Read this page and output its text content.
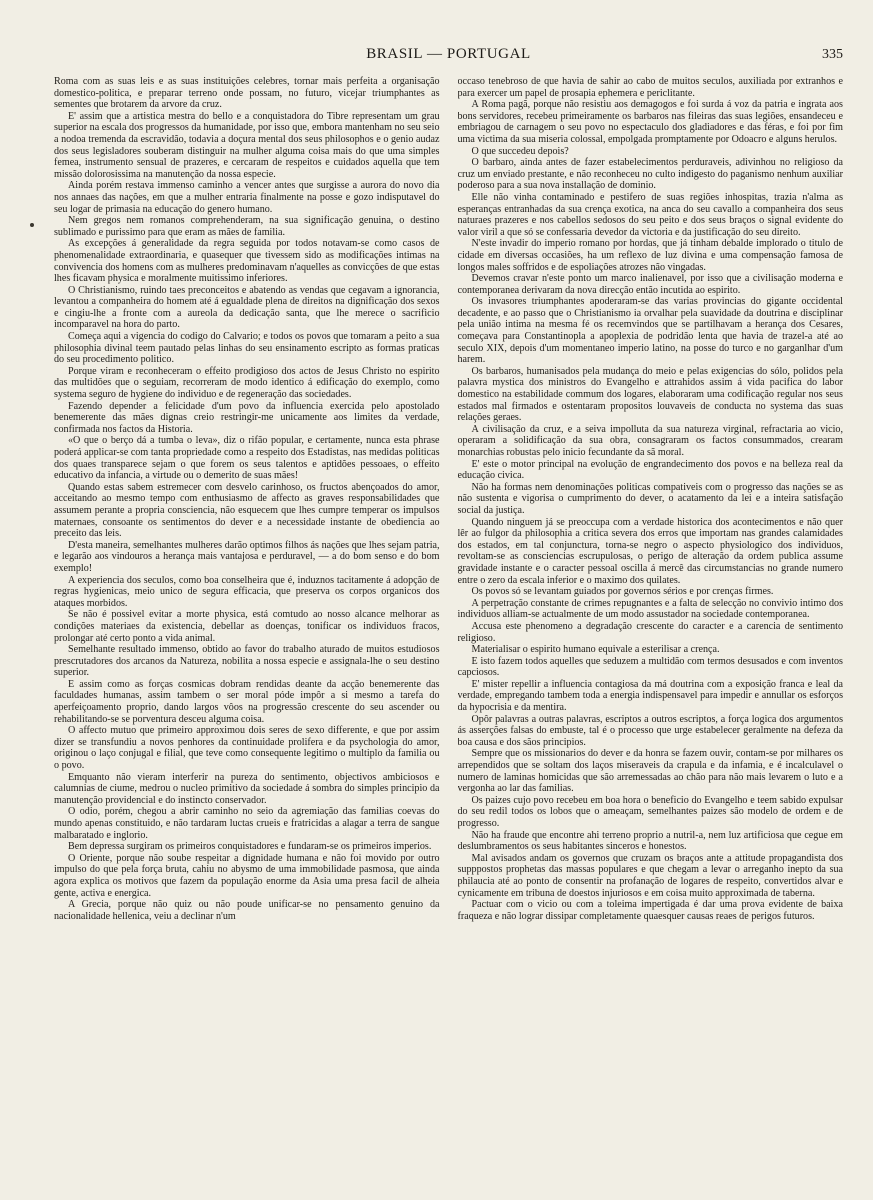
BRASIL — PORTUGAL	335

Roma com as suas leis e as suas instituições celebres, tornar mais perfeita a organisação domestico-politica, e preparar terreno onde possam, no futuro, vicejar triumphantes as sementes que brotarem da arvore da cruz.

E' assim que a artistica mestra do bello e a conquistadora do Tibre representam um grau superior na escala dos progressos da humanidade, por isso que, embora mantenham no seu seio a nodoa tremenda da escravidão, todavia a doçura mental dos seus philosophos e o genio audaz dos seus legisladores souberam distinguir na mulher alguma coisa mais do que uma simples femea, instrumento sensual de prazeres, e cercaram de respeitos e cuidados aquella que tem missão dolorosissima na manutenção da nossa especie.

Ainda porém restava immenso caminho a vencer antes que surgisse a aurora do novo dia nos annaes das nações, em que a mulher entraria finalmente na posse e gozo indisputavel do seu logar de primasia na educação do genero humano.

Nem gregos nem romanos comprehenderam, na sua significação genuina, o destino sublimado e purissimo para que eram as mães de familia.

As excepções á generalidade da regra seguida por todos notavam-se como casos de phenomenalidade extraordinaria, e quasequer que tivessem sido as modificações intimas na convivencia dos homens com as mulheres predominavam n'aquelles as convicções de que estas lhes ficavam physica e moralmente muitissimo inferiores.

O Christianismo, ruindo taes preconceitos e abatendo as vendas que cegavam a ignorancia, levantou a companheira do homem até á egualdade plena de direitos na dignificação dos sexos e cingiu-lhe a fronte com a aureola da dedicação santa, que lhe merece o sacrificio incomparavel na hora do parto.

Começa aqui a vigencia do codigo do Calvario; e todos os povos que tomaram a peito a sua philosophia divinal teem pautado pelas linhas do seu ensinamento escripto as formas praticas do seu procedimento politico.

Porque viram e reconheceram o effeito prodigioso dos actos de Jesus Christo no espirito das multidões que o seguiam, recorreram de modo identico á edificação do exemplo, como systema seguro de hygiene do individuo e de regeneração das sociedades.

Fazendo depender a felicidade d'um povo da influencia exercida pelo apostolado benemerente das mães dignas creio restringir-me unicamente aos limites da verdade, confirmada nos factos da Historia.

«O que o berço dá a tumba o leva», diz o rifão popular, e certamente, nunca esta phrase poderá applicar-se com tanta propriedade como a respeito dos Estadistas, nas medidas politicas dos quaes transparece sejam o que forem os seus talentos e aptidões pessoaes, o effeito educativo da infancia, a virtude ou o demerito de suas mães!

Quando estas sabem estremecer com desvelo carinhoso, os fructos abençoados do amor, acceitando ao mesmo tempo com enthusiasmo de affecto as graves responsabilidades que assumem perante a propria consciencia, não esquecem que lhes cumpre temperar os impulsos maternaes, consoante os sentimentos do dever e a necessidade instante de obediencia ao preceito das leis.

D'esta maneira, semelhantes mulheres darão optimos filhos ás nações que lhes sejam patria, e legarão aos vindouros a herança mais vantajosa e perduravel, — a do bom senso e do bom exemplo!

A experiencia dos seculos, como boa conselheira que é, induznos tacitamente á adopção de regras hygienicas, meio unico de segura efficacia, que preserva os corpos organicos dos ataques morbidos.

Se não é possivel evitar a morte physica, está comtudo ao nosso alcance melhorar as condições materiaes da existencia, debellar as doenças, tonificar os individuos fracos, prolongar até certo ponto a vida animal.

Semelhante resultado immenso, obtido ao favor do trabalho aturado de muitos estudiosos prescrutadores dos arcanos da Natureza, nobilita a nossa especie e assignala-lhe o seu destino superior.

E assim como as forças cosmicas dobram rendidas deante da acção benemerente das faculdades humanas, assim tambem o ser moral póde impôr a si mesmo a tarefa do aperfeiçoamento proprio, dando largos vôos na progressão crescente do seu ascender ou rehabilitando-se se porventura desceu alguma coisa.

O affecto mutuo que primeiro approximou dois seres de sexo differente, e que por assim dizer se transfundiu a novos penhores da continuidade prolifera e da psychologia do amor, originou o laço conjugal e filial, que teve como consequente legitimo o multiplo da familia ou o povo.

Emquanto não vieram interferir na pureza do sentimento, objectivos ambiciosos e calumnias de ciume, medrou o nucleo primitivo da sociedade á sombra do simples principio da manutenção providencial e do instincto conservador.

O odio, porém, chegou a abrir caminho no seio da agremiação das familias coevas do mundo apenas constituido, e não tardaram luctas crueis e fratricidas a alagar a terra de sangue malbaratado e inglorio.

Bem depressa surgiram os primeiros conquistadores e fundaram-se os primeiros imperios.

O Oriente, porque não soube respeitar a dignidade humana e não foi movido por outro impulso do que pela força bruta, cahiu no abysmo de uma immobilidade pasmosa, que ainda agora explica os motivos que fazem da população enorme da Asia uma presa facil de alheia gente, activa e energica.

A Grecia, porque não quiz ou não poude unificar-se no pensamento genuino da nacionalidade hellenica, veiu a declinar n'um

occaso tenebroso de que havia de sahir ao cabo de muitos seculos, auxiliada por extranhos e para exercer um papel de prosapia ephemera e periclitante.

A Roma pagã, porque não resistiu aos demagogos e foi surda á voz da patria e ingrata aos bons servidores, recebeu primeiramente os barbaros nas fileiras das suas legiões, ensandeceu e embriagou de carnagem o seu povo no espectaculo dos gladiadores e das féras, e foi por fim uma victima da sua miseria colossal, empolgada promptamente por Odoacro e alguns herulos.

O que succedeu depois?

O barbaro, ainda antes de fazer estabelecimentos perduraveis, adivinhou no religioso da cruz um enviado prestante, e não reconheceu no culto indigesto do paganismo nenhum auxiliar poderoso para a sua nova installação de dominio.

Elle não vinha contaminado e pestifero de suas regiões inhospitas, trazia n'alma as esperanças entranhadas da sua crença exotica, na anca do seu cavallo a companheira dos seus naturaes prazeres e nos cabellos sedosos do seu peito e dos seus braços o signal evidente do valor viril a que só se confessaria devedor da victoria e da justificação do seu direito.

N'este invadir do imperio romano por hordas, que já tinham debalde implorado o titulo de cidade em diversas occasiões, ha um reflexo de luz divina e uma compensação famosa de longos males soffridos e de espoliações atrozes não vingadas.

Devemos cravar n'este ponto um marco inalienavel, por isso que a civilisação moderna e contemporanea derivaram da nova direcção então incutida ao espirito.

Os invasores triumphantes apoderaram-se das varias provincias do gigante occidental decadente, e ao passo que o Christianismo ia orvalhar pela suavidade da doutrina e disciplinar pela união intima na mesma fé os recemvindos que se partilhavam a herança dos Cesares, começava para Constantinopla a apoplexia de podridão lenta que havia de trazel-a até ao seculo XIX, depois d'um momentaneo imperio latino, na posse do turco e no garganlhar d'um harem.

Os barbaros, humanisados pela mudança do meio e pelas exigencias do sólo, polidos pela palavra mystica dos ministros do Evangelho e attrahidos assim á vida pacifica do labor domestico na estabilidade commum dos logares, elaboraram uma codificação regular nos seus estados mal firmados e ostentaram propositos louvaveis de conducta no systema das suas relações geraes.

A civilisação da cruz, e a seiva impolluta da sua natureza virginal, refractaria ao vicio, operaram a solidificação da sua obra, consagraram os factos consummados, crearam monarchias robustas pelo inicio fecundante da sã moral.

E' este o motor principal na evolução de engrandecimento dos povos e na belleza real da educação civica.

Não ha formas nem denominações politicas compativeis com o progresso das nações se as não sustenta e vigorisa o cumprimento do dever, o acatamento da lei e a inteira satisfação social da justiça.

Quando ninguem já se preoccupa com a verdade historica dos acontecimentos e não quer lêr ao fulgor da philosophia a critica severa dos erros que importam nas grandes calamidades dos estados, em tal conjunctura, torna-se negro o aspecto physiologico dos individuos, revoltam-se as consciencias escrupulosas, o perigo de alteração da ordem publica assume gravidade instante e o caracter pessoal oscilla á mercê das circumstancias no grande numero entre o zero da escala inferior e o maximo dos quilates.

Os povos só se levantam guiados por governos sérios e por crenças firmes.

A perpetração constante de crimes repugnantes e a falta de selecção no convivio intimo dos individuos alliam-se actualmente de um modo assustador na sociedade contemporanea.

Accusa este phenomeno a degradação crescente do caracter e a carencia de sentimento religioso.

Materialisar o espirito humano equivale a esterilisar a crença.

E isto fazem todos aquelles que seduzem a multidão com termos desusados e com inventos capciosos.

E' mister repellir a influencia contagiosa da má doutrina com a exposição franca e leal da verdade, empregando tambem toda a energia indispensavel para impedir e annullar os esforços da hypocrisia e da mentira.

Opôr palavras a outras palavras, escriptos a outros escriptos, a força logica dos argumentos ás asserções falsas do embuste, tal é o processo que urge estabelecer geralmente na defeza da boa causa e dos sãos principios.

Sempre que os missionarios do dever e da honra se fazem ouvir, contam-se por milhares os arrependidos que se soltam dos laços miseraveis da crapula e da infamia, e é incalculavel o numero de laminas homicidas que são arremessadas ao chão para não mais levarem o luto e a vergonha ao lar das familias.

Os paizes cujo povo recebeu em boa hora o beneficio do Evangelho e teem sabido expulsar do seu redil todos os lobos que o ameaçam, semelhantes paizes são modelo de ordem e de progresso.

Não ha fraude que encontre ahi terreno proprio a nutril-a, nem luz artificiosa que cegue em deslumbramentos os seus habitantes sinceros e honestos.

Mal avisados andam os governos que cruzam os braços ante a attitude propagandista dos supppostos prophetas das massas populares e que chegam a levar o arreganho inepto da sua philaucia até ao ponto de consentir na profanação de logares de respeito, convertidos alvar e cynicamente em tribuna de doestos injuriosos e em coisa muito approximada de taberna.

Pactuar com o vicio ou com a toleima impertigada é dar uma prova evidente de baixa fraqueza e não lograr dissipar completamente quaesquer causas reaes de perigos futuros.
